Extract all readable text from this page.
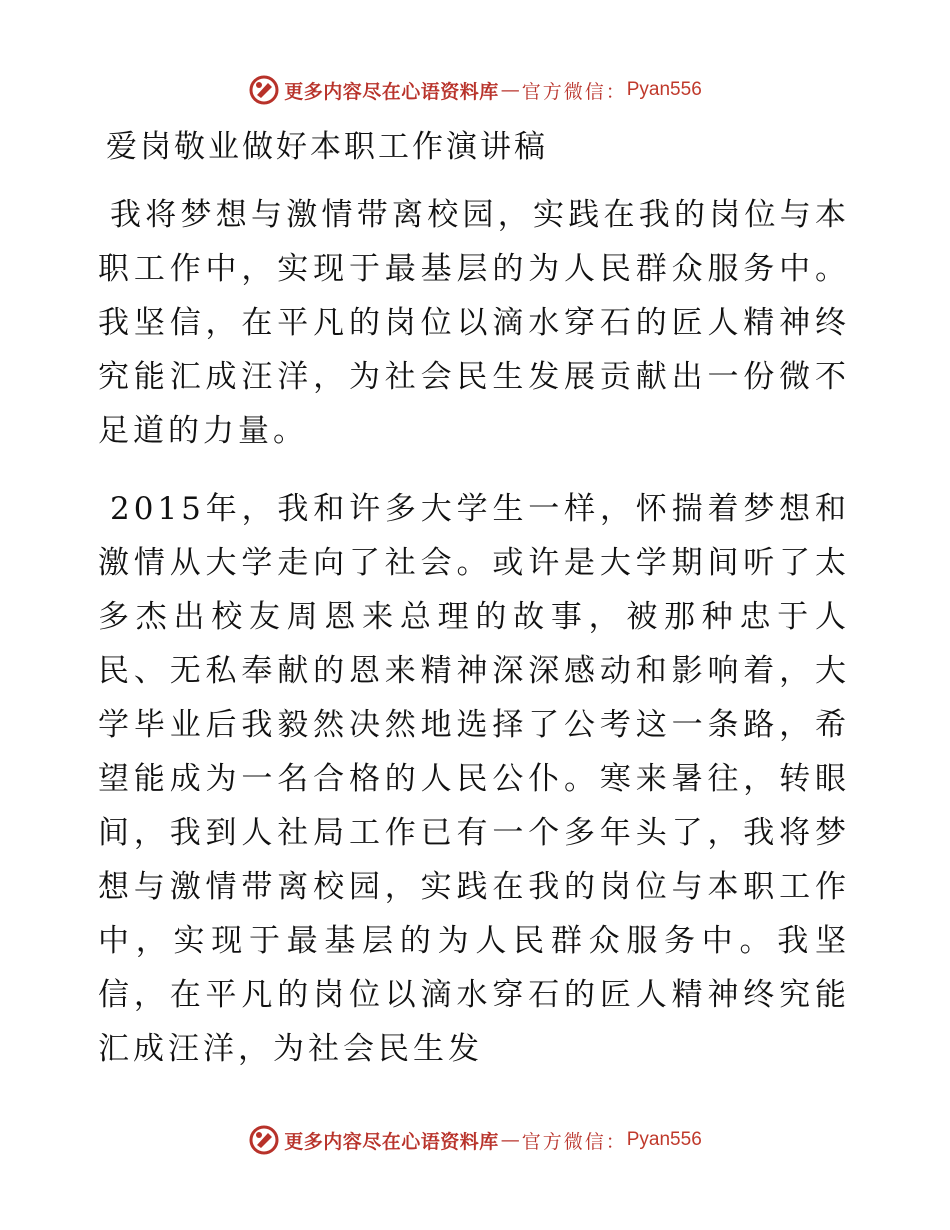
更多内容尽在心语资料库 — 官方微信： Pyan556
爱岗敬业做好本职工作演讲稿

我将梦想与激情带离校园，实践在我的岗位与本职工作中，实现于最基层的为人民群众服务中。我坚信，在平凡的岗位以滴水穿石的匠人精神终究能汇成汪洋，为社会民生发展贡献出一份微不足道的力量。

2015年，我和许多大学生一样，怀揣着梦想和激情从大学走向了社会。或许是大学期间听了太多杰出校友周恩来总理的故事，被那种忠于人民、无私奉献的恩来精神深深感动和影响着，大学毕业后我毅然决然地选择了公考这一条路，希望能成为一名合格的人民公仆。寒来暑往，转眼间，我到人社局工作已有一个多年头了，我将梦想与激情带离校园，实践在我的岗位与本职工作中，实现于最基层的为人民群众服务中。我坚信，在平凡的岗位以滴水穿石的匠人精神终究能汇成汪洋，为社会民生发

更多内容尽在心语资料库 — 官方微信： Pyan556
